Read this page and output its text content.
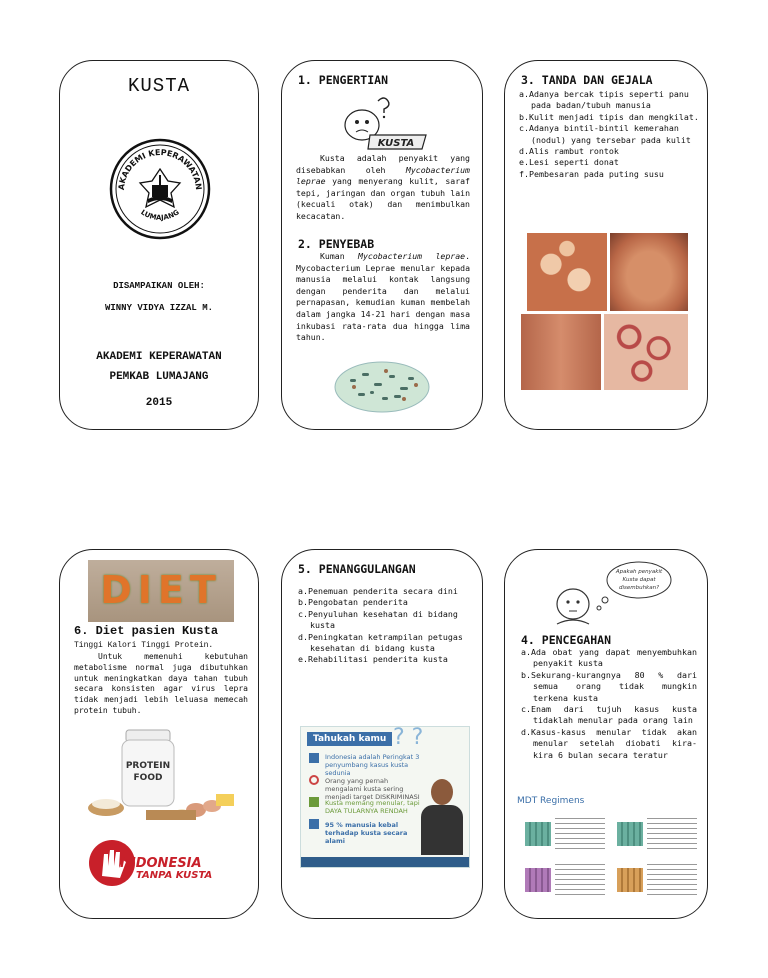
KUSTA
AKADEMI KEPERAWATAN
LUMAJANG
DISAMPAIKAN OLEH:
WINNY VIDYA IZZAL M.
AKADEMI KEPERAWATAN
PEMKAB LUMAJANG
2015
1. PENGERTIAN
KUSTA
Kusta adalah penyakit yang disebabkan oleh Mycobacterium leprae yang menyerang kulit, saraf tepi, jaringan dan organ tubuh lain (kecuali otak) dan menimbulkan kecacatan.
2. PENYEBAB
Kuman Mycobacterium leprae. Mycobacterium Leprae menular kepada manusia melalui kontak langsung dengan penderita dan melalui pernapasan, kemudian kuman membelah dalam jangka 14-21 hari dengan masa inkubasi rata-rata dua hingga lima tahun.
3. TANDA DAN GEJALA
a.Adanya bercak tipis seperti panu pada badan/tubuh manusia
b.Kulit menjadi tipis dan mengkilat.
c.Adanya bintil-bintil kemerahan (nodul) yang tersebar pada kulit
d.Alis rambut rontok
e.Lesi seperti donat
f.Pembesaran pada puting susu
DIET
6. Diet pasien Kusta
Tinggi Kalori Tinggi Protein.
Untuk memenuhi kebutuhan metabolisme normal juga dibutuhkan untuk meningkatkan daya tahan tubuh secara konsisten agar virus lepra tidak menjadi lebih leluasa memecah protein tubuh.
PROTEIN
FOOD
INDONESIA
TANPA KUSTA
5. PENANGGULANGAN
a.Penemuan penderita secara dini
b.Pengobatan penderita
c.Penyuluhan kesehatan di bidang kusta
d.Peningkatan ketrampilan petugas kesehatan di bidang kusta
e.Rehabilitasi penderita kusta
Tahukah kamu ? ?
Indonesia adalah Peringkat 3 penyumbang kasus kusta sedunia
Orang yang pernah mengalami kusta sering menjadi target DISKRIMINASI
Kusta memang menular, tapi DAYA TULARNYA RENDAH
95 % manusia kebal terhadap kusta secara alami
Apakah penyakit
Kusta dapat
disembuhkan?
4. PENCEGAHAN
a.Ada obat yang dapat menyembuhkan penyakit kusta
b.Sekurang-kurangnya 80 % dari semua orang tidak mungkin terkena kusta
c.Enam dari tujuh kasus kusta tidaklah menular pada orang lain
d.Kasus-kasus menular tidak akan menular setelah diobati kira-kira 6 bulan secara teratur
MDT Regimens
